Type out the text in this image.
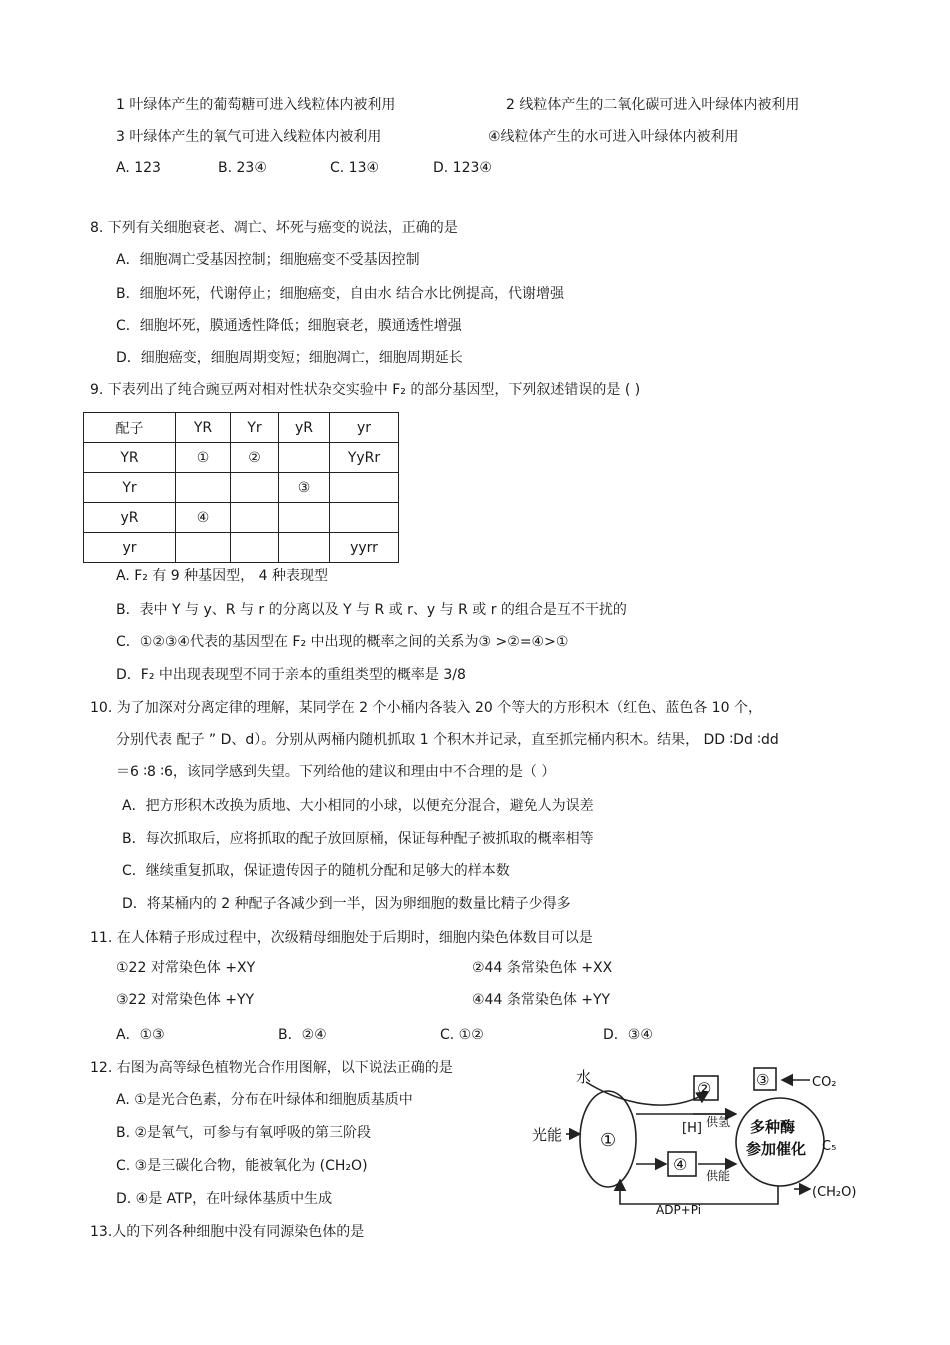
1 叶绿体产生的葡萄糖可进入线粒体内被利用	2 线粒体产生的二氧化碳可进入叶绿体内被利用
3 叶绿体产生的氧气可进入线粒体内被利用	④线粒体产生的水可进入叶绿体内被利用
A. 123	B. 23④	C. 13④	D. 123④
8. 下列有关细胞衰老、凋亡、坏死与癌变的说法，正确的是
A．细胞凋亡受基因控制；细胞癌变不受基因控制
B．细胞坏死，代谢停止；细胞癌变，自由水 结合水比例提高，代谢增强
C．细胞坏死，膜通透性降低；细胞衰老，膜通透性增强
D．细胞癌变，细胞周期变短；细胞凋亡，细胞周期延长
9. 下表列出了纯合豌豆两对相对性状杂交实验中 F₂ 的部分基因型，下列叙述错误的是 ( )
配子	YR	Yr	yR	yr
YR	①	②		YyRr
Yr			③	
yR	④			
yr				yyrr
A. F₂ 有 9 种基因型， 4 种表现型
B．表中 Y 与 y、R 与 r 的分离以及 Y 与 R 或 r、y 与 R 或 r 的组合是互不干扰的
C．①②③④代表的基因型在 F₂ 中出现的概率之间的关系为③ >②=④>①
D．F₂ 中出现表现型不同于亲本的重组类型的概率是 3/8
10. 为了加深对分离定律的理解，某同学在 2 个小桶内各装入 20 个等大的方形积木（红色、蓝色各 10 个，
分别代表 配子 ” D、d）。分别从两桶内随机抓取 1 个积木并记录，直至抓完桶内积木。结果， DD ∶Dd ∶dd
＝6 ∶8 ∶6，该同学感到失望。下列给他的建议和理由中不合理的是（ ）
A．把方形积木改换为质地、大小相同的小球，以便充分混合，避免人为误差
B．每次抓取后，应将抓取的配子放回原桶，保证每种配子被抓取的概率相等
C．继续重复抓取，保证遗传因子的随机分配和足够大的样本数
D．将某桶内的 2 种配子各减少到一半，因为卵细胞的数量比精子少得多
11. 在人体精子形成过程中，次级精母细胞处于后期时，细胞内染色体数目可以是
①22 对常染色体 +XY	②44 条常染色体 +XX
③22 对常染色体 +YY	④44 条常染色体 +YY
A．①③	B．②④	C. ①②	D．③④
12. 右图为高等绿色植物光合作用图解，以下说法正确的是
A. ①是光合色素，分布在叶绿体和细胞质基质中
B. ②是氧气，可参与有氧呼吸的第三阶段
C. ③是三碳化合物，能被氧化为 (CH₂O)
D. ④是 ATP，在叶绿体基质中生成
水
光能 ①
②	③
④
[H] 供氢
供能
多种酶
参加催化
CO₂
C₅
(CH₂O)
ADP+Pi
13.人的下列各种细胞中没有同源染色体的是
